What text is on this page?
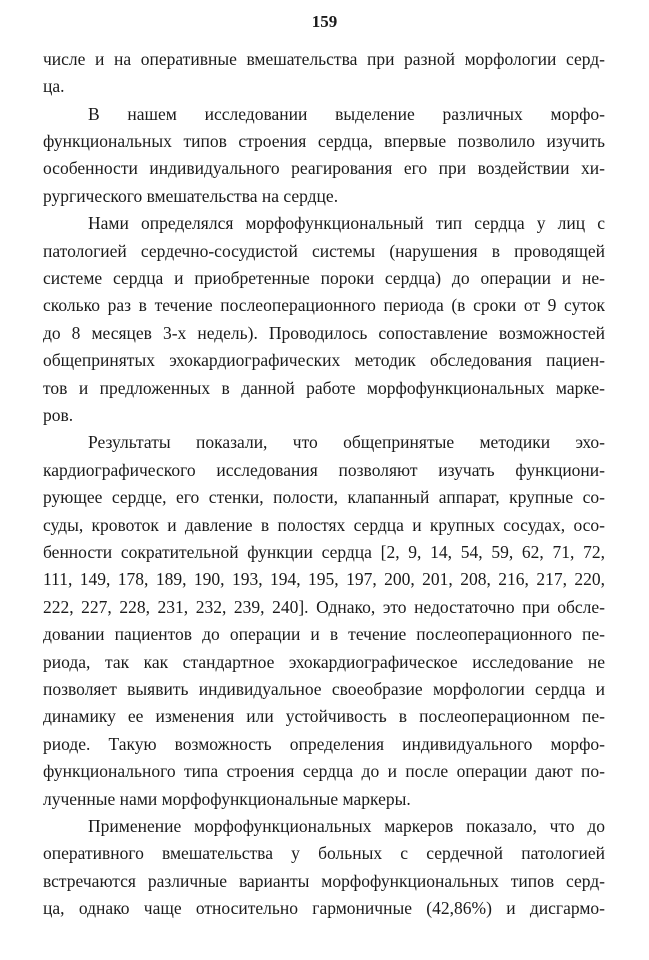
159
числе и на оперативные вмешательства при разной морфологии серд-
ца.
В нашем исследовании выделение различных морфо-
функциональных типов строения сердца, впервые позволило изучить
особенности индивидуального реагирования его при воздействии хи-
рургического вмешательства на сердце.
Нами определялся морфофункциональный тип сердца у лиц с
патологией сердечно-сосудистой системы (нарушения в проводящей
системе сердца и приобретенные пороки сердца) до операции и не-
сколько раз в течение послеоперационного периода (в сроки от 9 суток
до 8 месяцев 3-х недель). Проводилось сопоставление возможностей
общепринятых эхокардиографических методик обследования пациен-
тов и предложенных в данной работе морфофункциональных марке-
ров.
Результаты показали, что общепринятые методики эхо-
кардиографического исследования позволяют изучать функциони-
рующее сердце, его стенки, полости, клапанный аппарат, крупные со-
суды, кровоток и давление в полостях сердца и крупных сосудах, осо-
бенности сократительной функции сердца [2, 9, 14, 54, 59, 62, 71, 72,
111, 149, 178, 189, 190, 193, 194, 195, 197, 200, 201, 208, 216, 217, 220,
222, 227, 228, 231, 232, 239, 240]. Однако, это недостаточно при обсле-
довании пациентов до операции и в течение послеоперационного пе-
риода, так как стандартное эхокардиографическое исследование не
позволяет выявить индивидуальное своеобразие морфологии сердца и
динамику ее изменения или устойчивость в послеоперационном пе-
риоде. Такую возможность определения индивидуального морфо-
функционального типа строения сердца до и после операции дают по-
лученные нами морфофункциональные маркеры.
Применение морфофункциональных маркеров показало, что до
оперативного вмешательства у больных с сердечной патологией
встречаются различные варианты морфофункциональных типов серд-
ца, однако чаще относительно гармоничные (42,86%) и дисгармо-
